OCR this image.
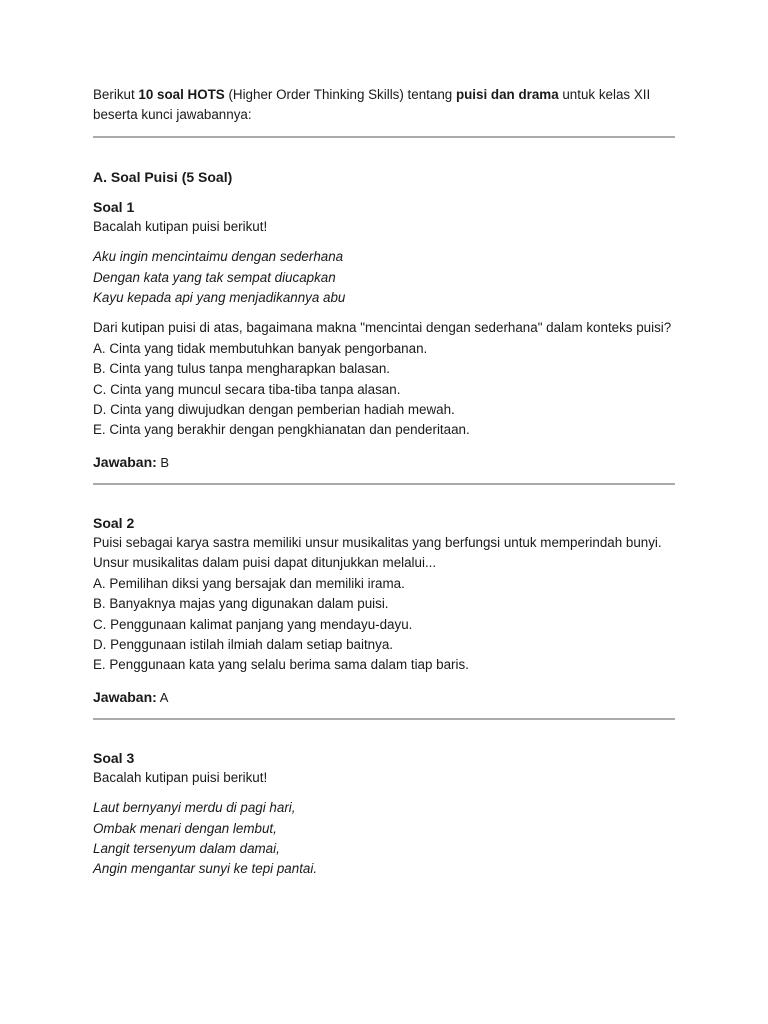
Berikut 10 soal HOTS (Higher Order Thinking Skills) tentang puisi dan drama untuk kelas XII beserta kunci jawabannya:

A. Soal Puisi (5 Soal)

Soal 1

Bacalah kutipan puisi berikut!

Aku ingin mencintaimu dengan sederhana

Dengan kata yang tak sempat diucapkan

Kayu kepada api yang menjadikannya abu

Dari kutipan puisi di atas, bagaimana makna "mencintai dengan sederhana" dalam konteks puisi?

A. Cinta yang tidak membutuhkan banyak pengorbanan.

B. Cinta yang tulus tanpa mengharapkan balasan.

C. Cinta yang muncul secara tiba-tiba tanpa alasan.

D. Cinta yang diwujudkan dengan pemberian hadiah mewah.

E. Cinta yang berakhir dengan pengkhianatan dan penderitaan.

Jawaban: B

Soal 2

Puisi sebagai karya sastra memiliki unsur musikalitas yang berfungsi untuk memperindah bunyi. Unsur musikalitas dalam puisi dapat ditunjukkan melalui...

A. Pemilihan diksi yang bersajak dan memiliki irama.

B. Banyaknya majas yang digunakan dalam puisi.

C. Penggunaan kalimat panjang yang mendayu-dayu.

D. Penggunaan istilah ilmiah dalam setiap baitnya.

E. Penggunaan kata yang selalu berima sama dalam tiap baris.

Jawaban: A

Soal 3

Bacalah kutipan puisi berikut!

Laut bernyanyi merdu di pagi hari,

Ombak menari dengan lembut,

Langit tersenyum dalam damai,

Angin mengantar sunyi ke tepi pantai.
